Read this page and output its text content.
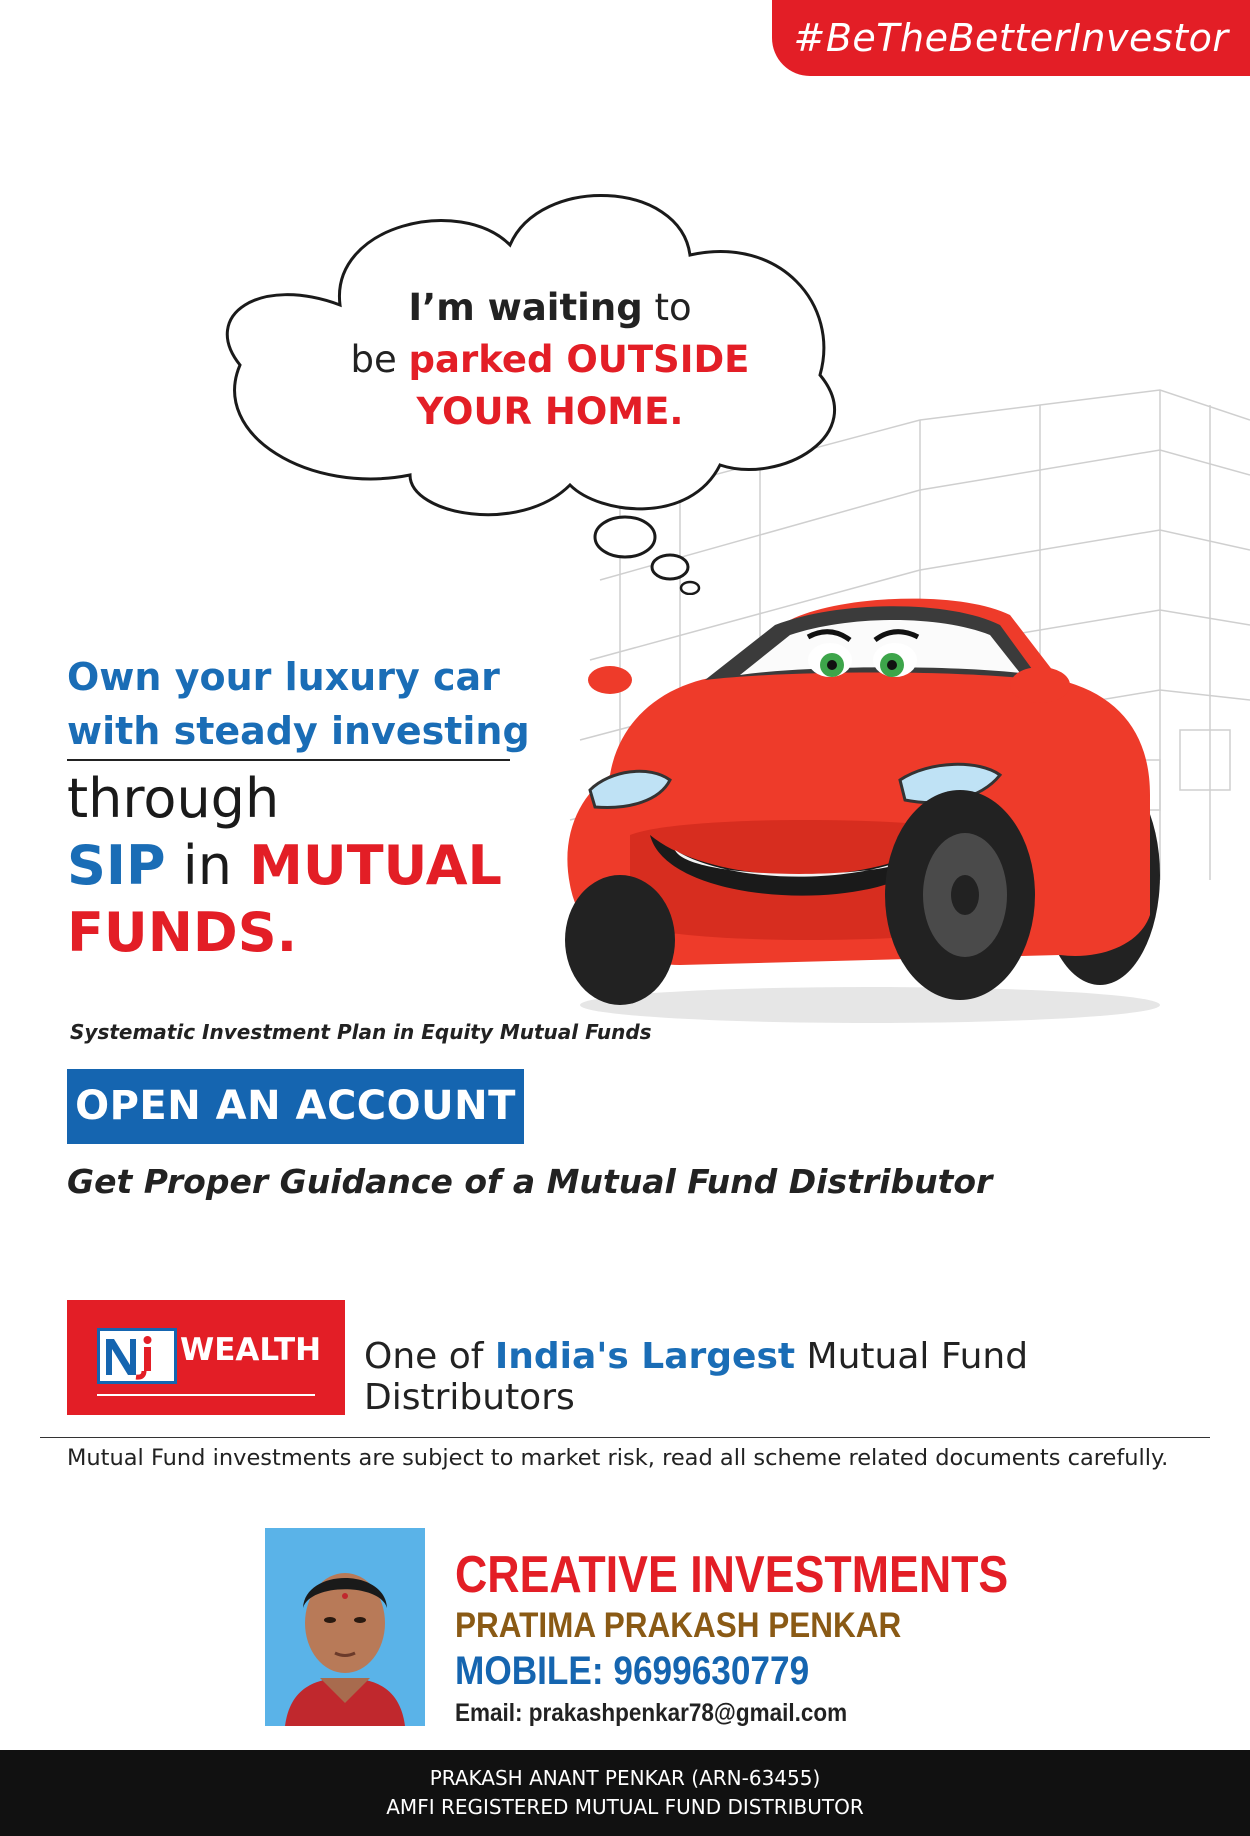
#BeTheBetterInvestor
I’m waiting to
be parked OUTSIDE
YOUR HOME.
Own your luxury car
with steady investing
through
SIP in MUTUAL
FUNDS.
Systematic Investment Plan in Equity Mutual Funds
OPEN AN ACCOUNT
Get Proper Guidance of a Mutual Fund Distributor
WEALTH One of India's Largest Mutual Fund Distributors
Mutual Fund investments are subject to market risk, read all scheme related documents carefully.
CREATIVE INVESTMENTS
PRATIMA PRAKASH PENKAR
MOBILE: 9699630779
Email: prakashpenkar78@gmail.com
PRAKASH ANANT PENKAR (ARN-63455)
AMFI REGISTERED MUTUAL FUND DISTRIBUTOR
